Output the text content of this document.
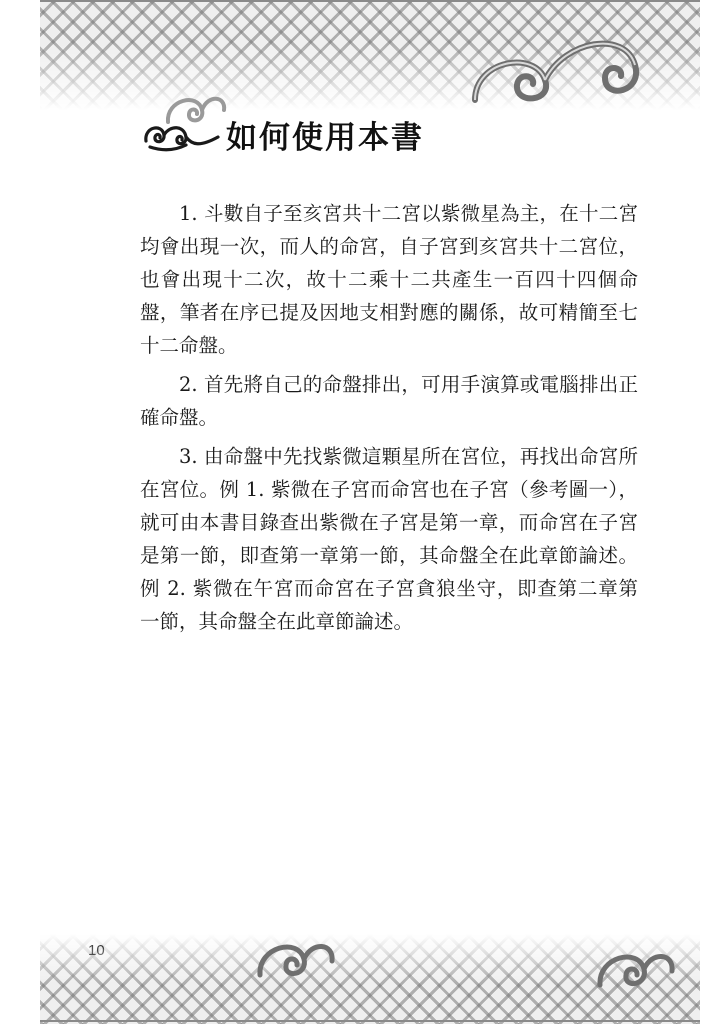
如何使用本書

1. 斗數自子至亥宮共十二宮以紫微星為主，在十二宮均會出現一次，而人的命宮，自子宮到亥宮共十二宮位，也會出現十二次，故十二乘十二共產生一百四十四個命盤，筆者在序已提及因地支相對應的關係，故可精簡至七十二命盤。

2. 首先將自己的命盤排出，可用手演算或電腦排出正確命盤。

3. 由命盤中先找紫微這顆星所在宮位，再找出命宮所在宮位。例 1. 紫微在子宮而命宮也在子宮（參考圖一），就可由本書目錄查出紫微在子宮是第一章，而命宮在子宮是第一節，即查第一章第一節，其命盤全在此章節論述。例 2. 紫微在午宮而命宮在子宮貪狼坐守，即查第二章第一節，其命盤全在此章節論述。
